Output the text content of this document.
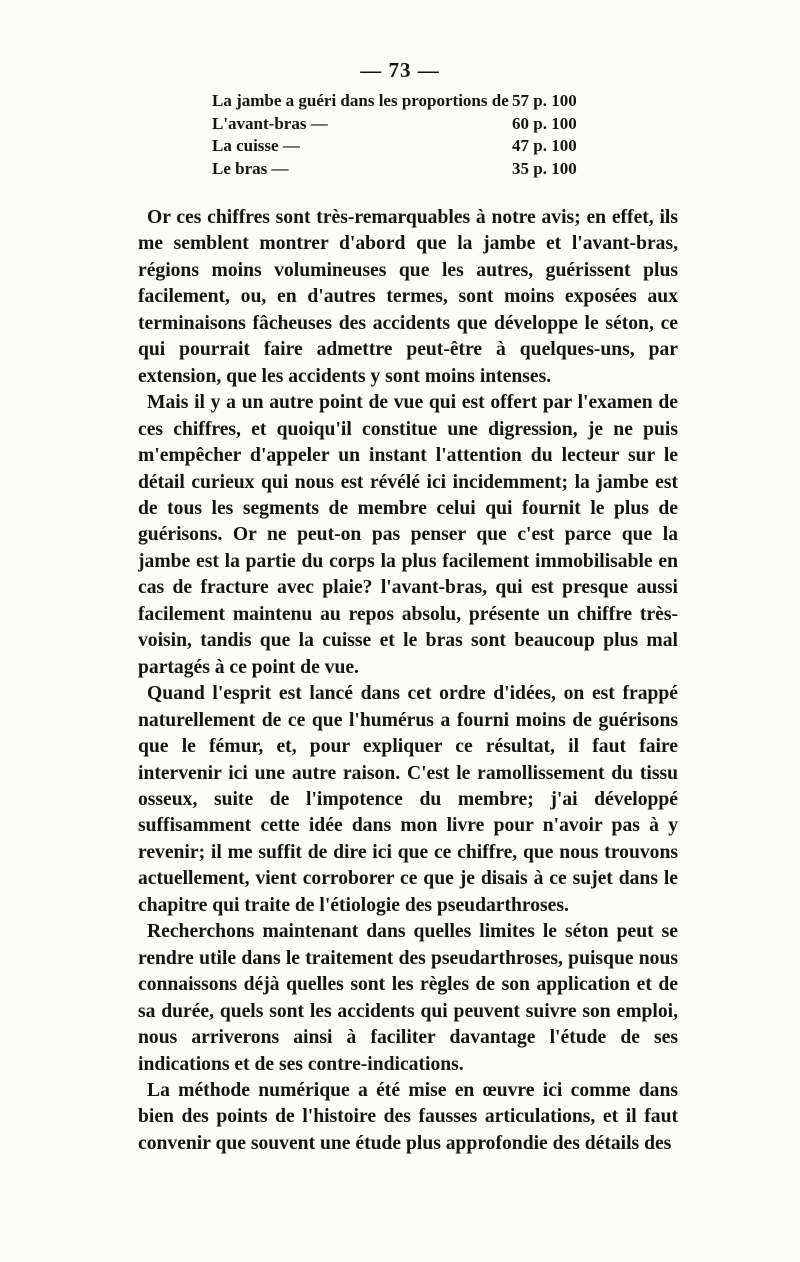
— 73 —
La jambe a guéri dans les proportions de	57 p. 100
L'avant-bras —	60 p. 100
La cuisse —	47 p. 100
Le bras —	35 p. 100

Or ces chiffres sont très-remarquables à notre avis; en effet, ils me semblent montrer d'abord que la jambe et l'avant-bras, régions moins volumineuses que les autres, guérissent plus facilement, ou, en d'autres termes, sont moins exposées aux terminaisons fâcheuses des accidents que développe le séton, ce qui pourrait faire admettre peut-être à quelques-uns, par extension, que les accidents y sont moins intenses.

Mais il y a un autre point de vue qui est offert par l'examen de ces chiffres, et quoiqu'il constitue une digression, je ne puis m'empêcher d'appeler un instant l'attention du lecteur sur le détail curieux qui nous est révélé ici incidemment; la jambe est de tous les segments de membre celui qui fournit le plus de guérisons. Or ne peut-on pas penser que c'est parce que la jambe est la partie du corps la plus facilement immobilisable en cas de fracture avec plaie? l'avant-bras, qui est presque aussi facilement maintenu au repos absolu, présente un chiffre très-voisin, tandis que la cuisse et le bras sont beaucoup plus mal partagés à ce point de vue.

Quand l'esprit est lancé dans cet ordre d'idées, on est frappé naturellement de ce que l'humérus a fourni moins de guérisons que le fémur, et, pour expliquer ce résultat, il faut faire intervenir ici une autre raison. C'est le ramollissement du tissu osseux, suite de l'impotence du membre; j'ai développé suffisamment cette idée dans mon livre pour n'avoir pas à y revenir; il me suffit de dire ici que ce chiffre, que nous trouvons actuellement, vient corroborer ce que je disais à ce sujet dans le chapitre qui traite de l'étiologie des pseudarthroses.

Recherchons maintenant dans quelles limites le séton peut se rendre utile dans le traitement des pseudarthroses, puisque nous connaissons déjà quelles sont les règles de son application et de sa durée, quels sont les accidents qui peuvent suivre son emploi, nous arriverons ainsi à faciliter davantage l'étude de ses indications et de ses contre-indications.

La méthode numérique a été mise en œuvre ici comme dans bien des points de l'histoire des fausses articulations, et il faut convenir que souvent une étude plus approfondie des détails des
